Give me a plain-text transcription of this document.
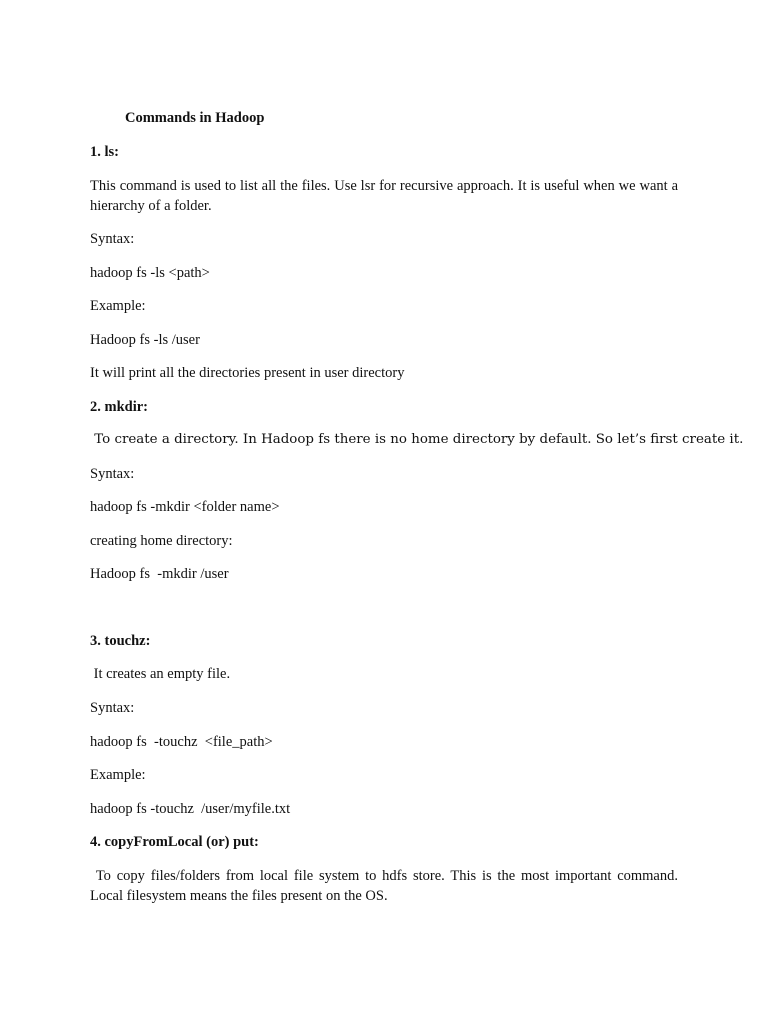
Commands in Hadoop
1. ls:
This command is used to list all the files. Use lsr for recursive approach. It is useful when we want a hierarchy of a folder.
Syntax:
hadoop fs -ls <path>
Example:
Hadoop fs -ls /user
It will print all the directories present in user directory
2. mkdir:
To create a directory. In Hadoop fs there is no home directory by default. So let’s first create it.
Syntax:
hadoop fs -mkdir <folder name>
creating home directory:
Hadoop fs  -mkdir /user
3. touchz:
It creates an empty file.
Syntax:
hadoop fs  -touchz  <file_path>
Example:
hadoop fs -touchz  /user/myfile.txt
4. copyFromLocal (or) put:
To copy files/folders from local file system to hdfs store. This is the most important command. Local filesystem means the files present on the OS.
